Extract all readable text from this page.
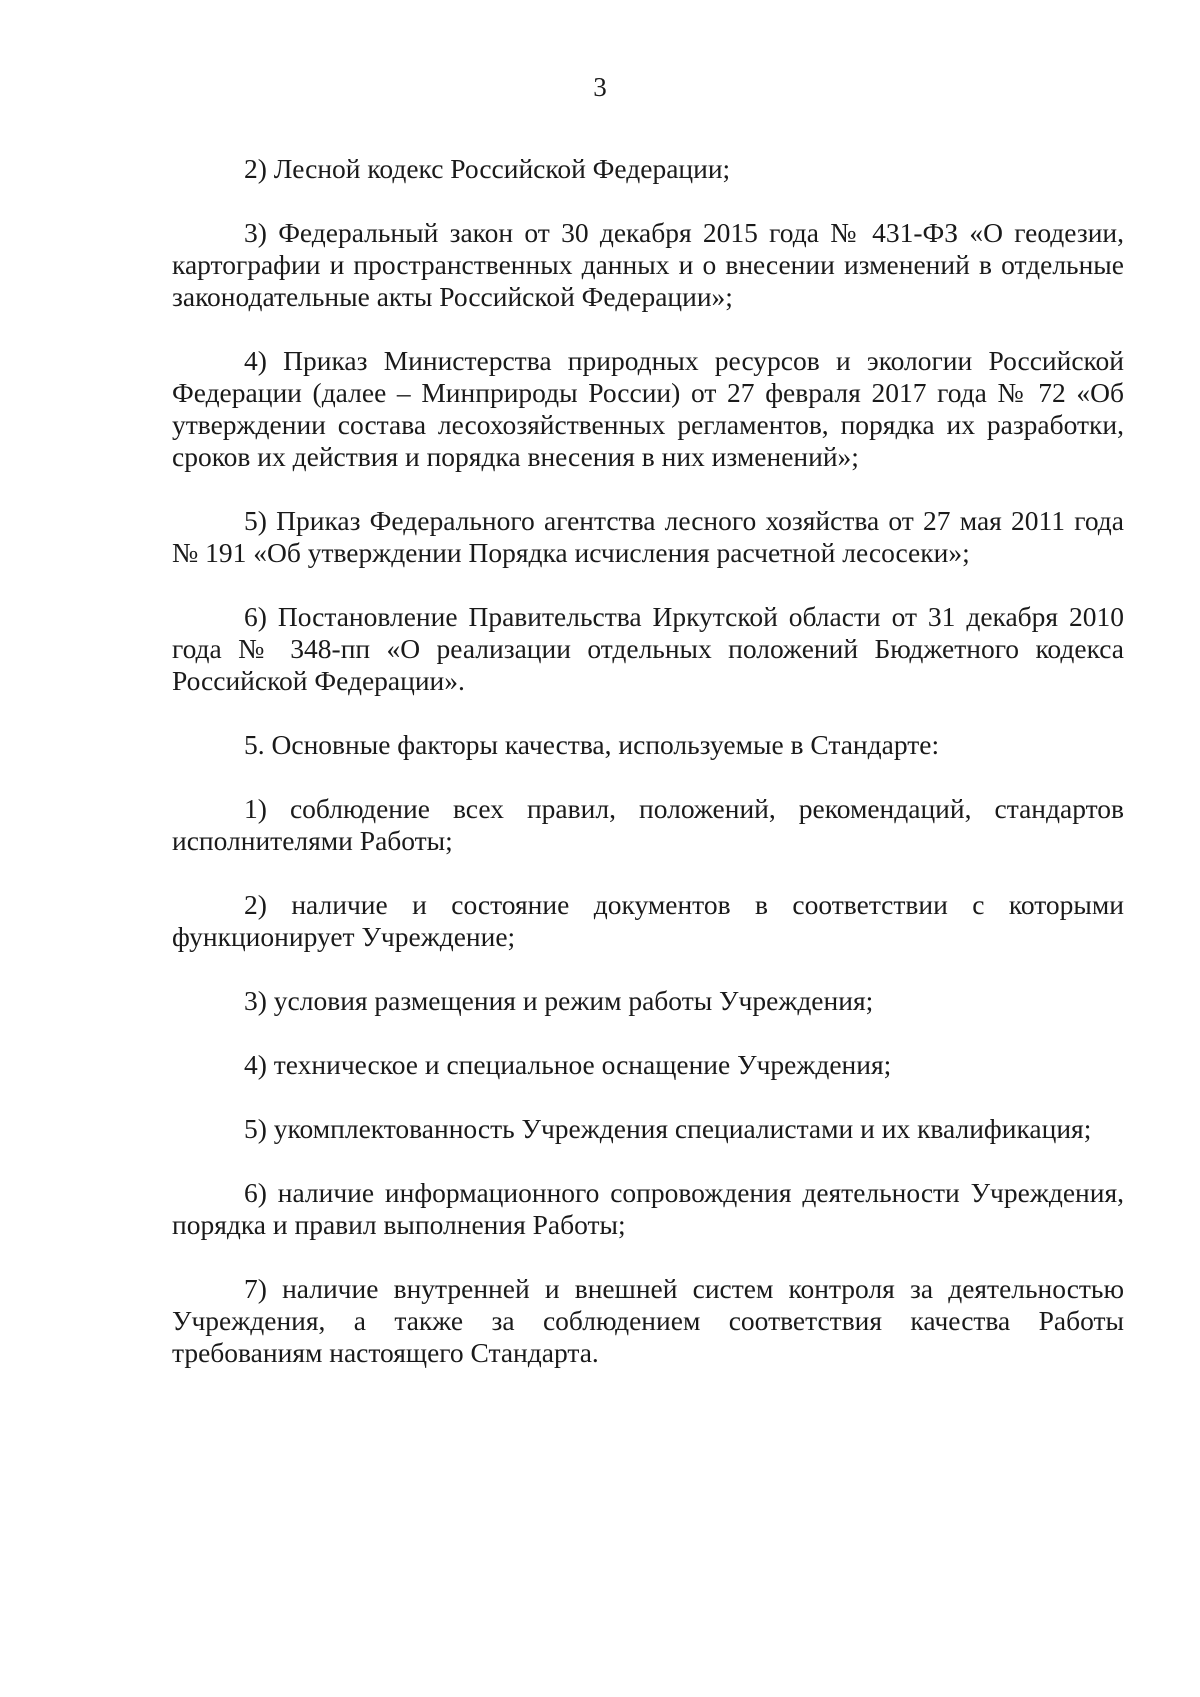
3

2) Лесной кодекс Российской Федерации;

3) Федеральный закон от 30 декабря 2015 года № 431-ФЗ «О геодезии, картографии и пространственных данных и о внесении изменений в отдельные законодательные акты Российской Федерации»;

4) Приказ Министерства природных ресурсов и экологии Российской Федерации (далее – Минприроды России) от 27 февраля 2017 года № 72 «Об утверждении состава лесохозяйственных регламентов, порядка их разработки, сроков их действия и порядка внесения в них изменений»;

5) Приказ Федерального агентства лесного хозяйства от 27 мая 2011 года № 191 «Об утверждении Порядка исчисления расчетной лесосеки»;

6) Постановление Правительства Иркутской области от 31 декабря 2010 года № 348-пп «О реализации отдельных положений Бюджетного кодекса Российской Федерации».

5. Основные факторы качества, используемые в Стандарте:

1) соблюдение всех правил, положений, рекомендаций, стандартов исполнителями Работы;

2) наличие и состояние документов в соответствии с которыми функционирует Учреждение;

3) условия размещения и режим работы Учреждения;

4) техническое и специальное оснащение Учреждения;

5) укомплектованность Учреждения специалистами и их квалификация;

6) наличие информационного сопровождения деятельности Учреждения, порядка и правил выполнения Работы;

7) наличие внутренней и внешней систем контроля за деятельностью Учреждения, а также за соблюдением соответствия качества Работы требованиям настоящего Стандарта.
